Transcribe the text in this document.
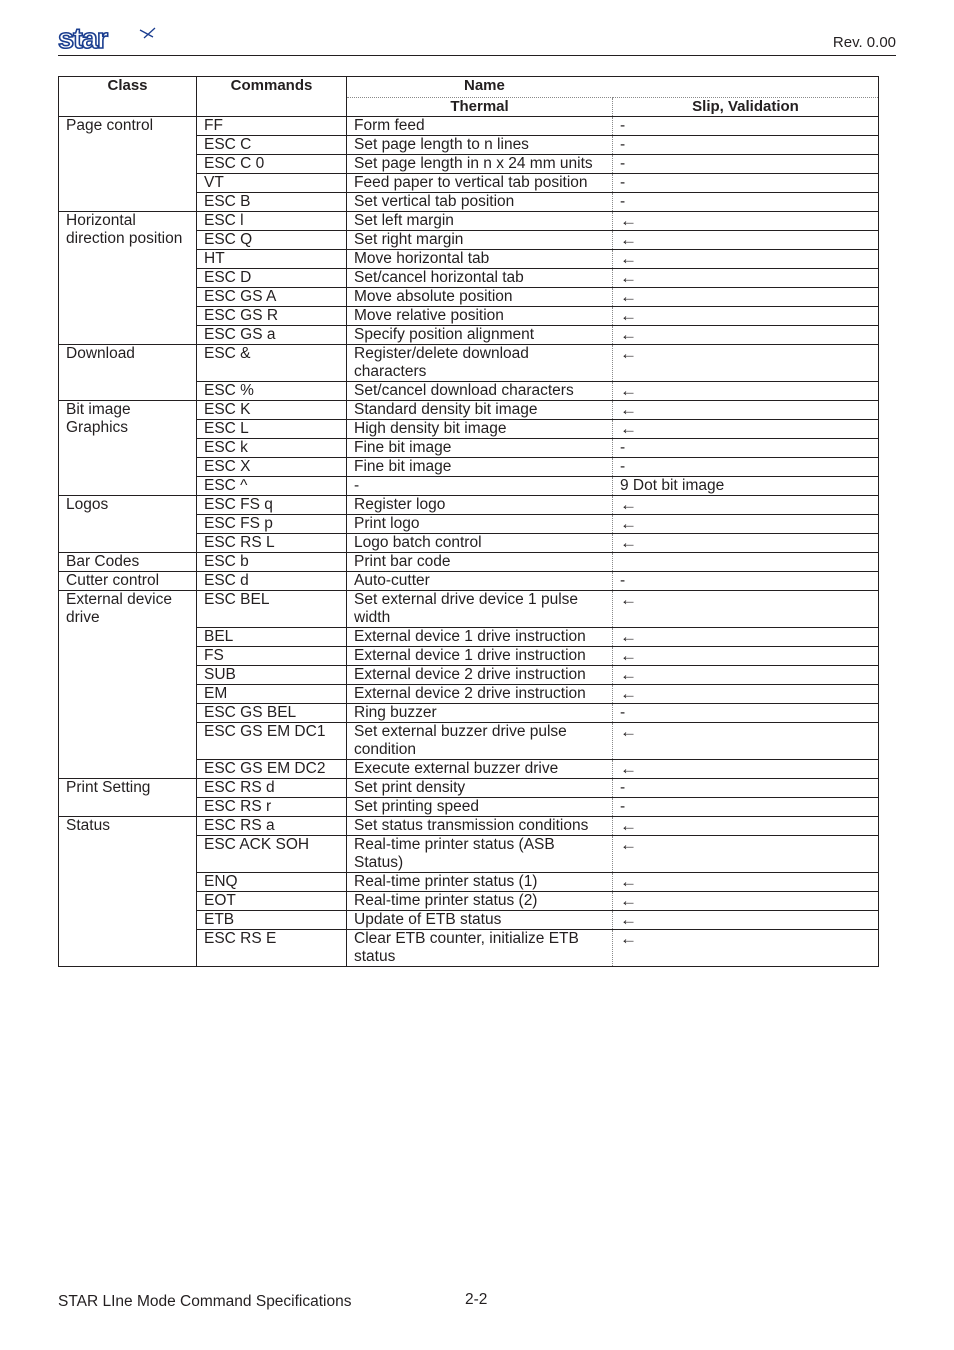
star	Rev. 0.00
Class	Commands	Name	
		Thermal	Slip, Validation
Page control	FF	Form feed	-
	ESC C	Set page length to n lines	-
	ESC C 0	Set page length in n x 24 mm units	-
	VT	Feed paper to vertical tab position	-
	ESC B	Set vertical tab position	-
Horizontal direction position	ESC l	Set left margin	←
	ESC Q	Set right margin	←
	HT	Move horizontal tab	←
	ESC D	Set/cancel horizontal tab	←
	ESC GS A	Move absolute position	←
	ESC GS R	Move relative position	←
	ESC GS a	Specify position alignment	←
Download	ESC &	Register/delete download characters	←
	ESC %	Set/cancel download characters	←
Bit image Graphics	ESC K	Standard density bit image	←
	ESC L	High density bit image	←
	ESC k	Fine bit image	-
	ESC X	Fine bit image	-
	ESC ^	-	9 Dot bit image
Logos	ESC FS q	Register logo	←
	ESC FS p	Print logo	←
	ESC RS L	Logo batch control	←
Bar Codes	ESC b	Print bar code	
Cutter control	ESC d	Auto-cutter	-
External device drive	ESC BEL	Set external drive device 1 pulse width	←
	BEL	External device 1 drive instruction	←
	FS	External device 1 drive instruction	←
	SUB	External device 2 drive instruction	←
	EM	External device 2 drive instruction	←
	ESC GS BEL	Ring buzzer	-
	ESC GS EM DC1	Set external buzzer drive pulse condition	←
	ESC GS EM DC2	Execute external buzzer drive	←
Print Setting	ESC RS d	Set print density	-
	ESC RS r	Set printing speed	-
Status	ESC RS a	Set status transmission conditions	←
	ESC ACK SOH	Real-time printer status (ASB Status)	←
	ENQ	Real-time printer status (1)	←
	EOT	Real-time printer status (2)	←
	ETB	Update of ETB status	←
	ESC RS E	Clear ETB counter, initialize ETB status	←
STAR LIne Mode Command Specifications	2-2
